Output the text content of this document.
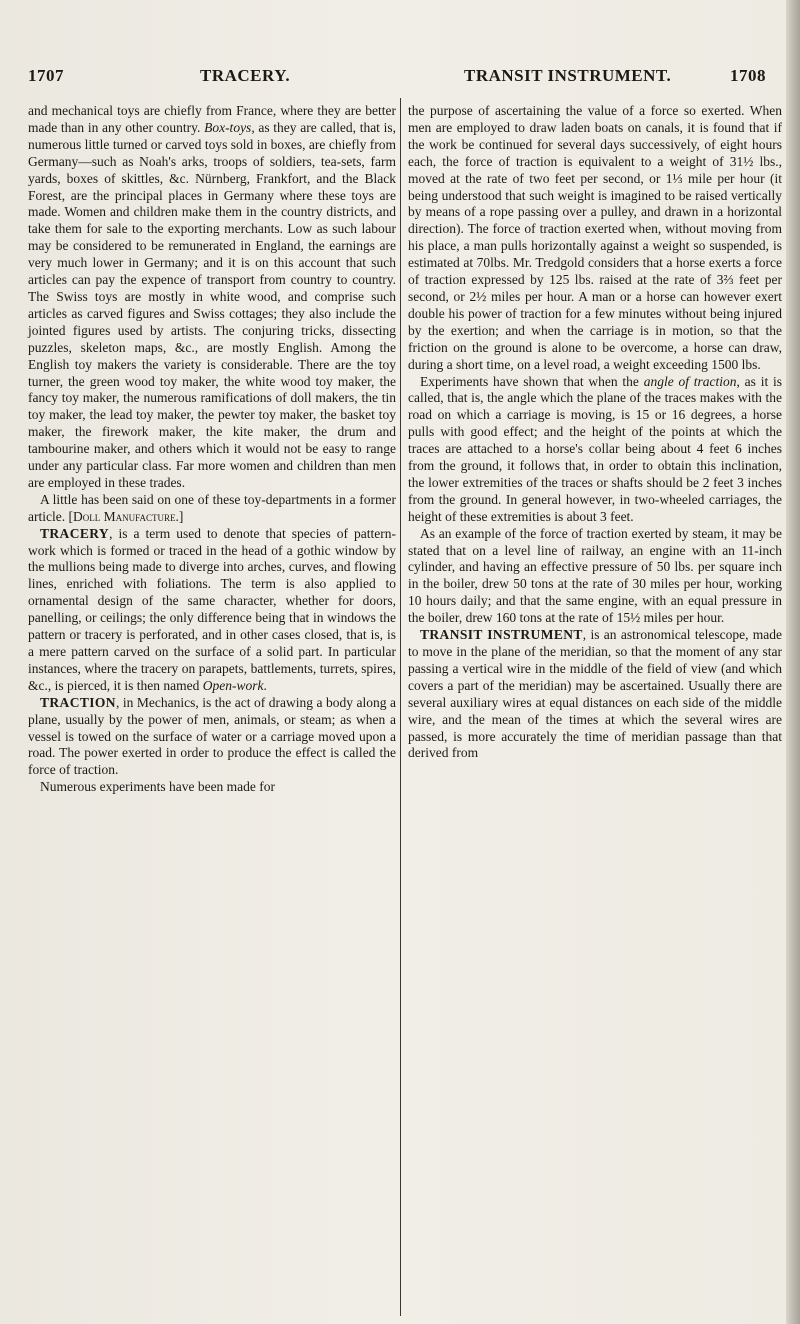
1707	TRACERY.	TRANSIT INSTRUMENT.	1708

and mechanical toys are chiefly from France, where they are better made than in any other country. Box-toys, as they are called, that is, numerous little turned or carved toys sold in boxes, are chiefly from Germany—such as Noah's arks, troops of soldiers, tea-sets, farm yards, boxes of skittles, &c. Nürnberg, Frankfort, and the Black Forest, are the principal places in Germany where these toys are made. Women and children make them in the country districts, and take them for sale to the exporting merchants. Low as such labour may be considered to be remunerated in England, the earnings are very much lower in Germany; and it is on this account that such articles can pay the expence of transport from country to country. The Swiss toys are mostly in white wood, and comprise such articles as carved figures and Swiss cottages; they also include the jointed figures used by artists. The conjuring tricks, dissecting puzzles, skeleton maps, &c., are mostly English. Among the English toy makers the variety is considerable. There are the toy turner, the green wood toy maker, the white wood toy maker, the fancy toy maker, the numerous ramifications of doll makers, the tin toy maker, the lead toy maker, the pewter toy maker, the basket toy maker, the firework maker, the kite maker, the drum and tambourine maker, and others which it would not be easy to range under any particular class. Far more women and children than men are employed in these trades.

A little has been said on one of these toy-departments in a former article. [Doll Manufacture.]

TRACERY, is a term used to denote that species of pattern-work which is formed or traced in the head of a gothic window by the mullions being made to diverge into arches, curves, and flowing lines, enriched with foliations. The term is also applied to ornamental design of the same character, whether for doors, panelling, or ceilings; the only difference being that in windows the pattern or tracery is perforated, and in other cases closed, that is, is a mere pattern carved on the surface of a solid part. In particular instances, where the tracery on parapets, battlements, turrets, spires, &c., is pierced, it is then named Open-work.

TRACTION, in Mechanics, is the act of drawing a body along a plane, usually by the power of men, animals, or steam; as when a vessel is towed on the surface of water or a carriage moved upon a road. The power exerted in order to produce the effect is called the force of traction.

Numerous experiments have been made for

the purpose of ascertaining the value of a force so exerted. When men are employed to draw laden boats on canals, it is found that if the work be continued for several days successively, of eight hours each, the force of traction is equivalent to a weight of 31½ lbs., moved at the rate of two feet per second, or 1⅓ mile per hour (it being understood that such weight is imagined to be raised vertically by means of a rope passing over a pulley, and drawn in a horizontal direction). The force of traction exerted when, without moving from his place, a man pulls horizontally against a weight so suspended, is estimated at 70lbs. Mr. Tredgold considers that a horse exerts a force of traction expressed by 125 lbs. raised at the rate of 3⅔ feet per second, or 2½ miles per hour. A man or a horse can however exert double his power of traction for a few minutes without being injured by the exertion; and when the carriage is in motion, so that the friction on the ground is alone to be overcome, a horse can draw, during a short time, on a level road, a weight exceeding 1500 lbs.

Experiments have shown that when the angle of traction, as it is called, that is, the angle which the plane of the traces makes with the road on which a carriage is moving, is 15 or 16 degrees, a horse pulls with good effect; and the height of the points at which the traces are attached to a horse's collar being about 4 feet 6 inches from the ground, it follows that, in order to obtain this inclination, the lower extremities of the traces or shafts should be 2 feet 3 inches from the ground. In general however, in two-wheeled carriages, the height of these extremities is about 3 feet.

As an example of the force of traction exerted by steam, it may be stated that on a level line of railway, an engine with an 11-inch cylinder, and having an effective pressure of 50 lbs. per square inch in the boiler, drew 50 tons at the rate of 30 miles per hour, working 10 hours daily; and that the same engine, with an equal pressure in the boiler, drew 160 tons at the rate of 15½ miles per hour.

TRANSIT INSTRUMENT, is an astronomical telescope, made to move in the plane of the meridian, so that the moment of any star passing a vertical wire in the middle of the field of view (and which covers a part of the meridian) may be ascertained. Usually there are several auxiliary wires at equal distances on each side of the middle wire, and the mean of the times at which the several wires are passed, is more accurately the time of meridian passage than that derived from
